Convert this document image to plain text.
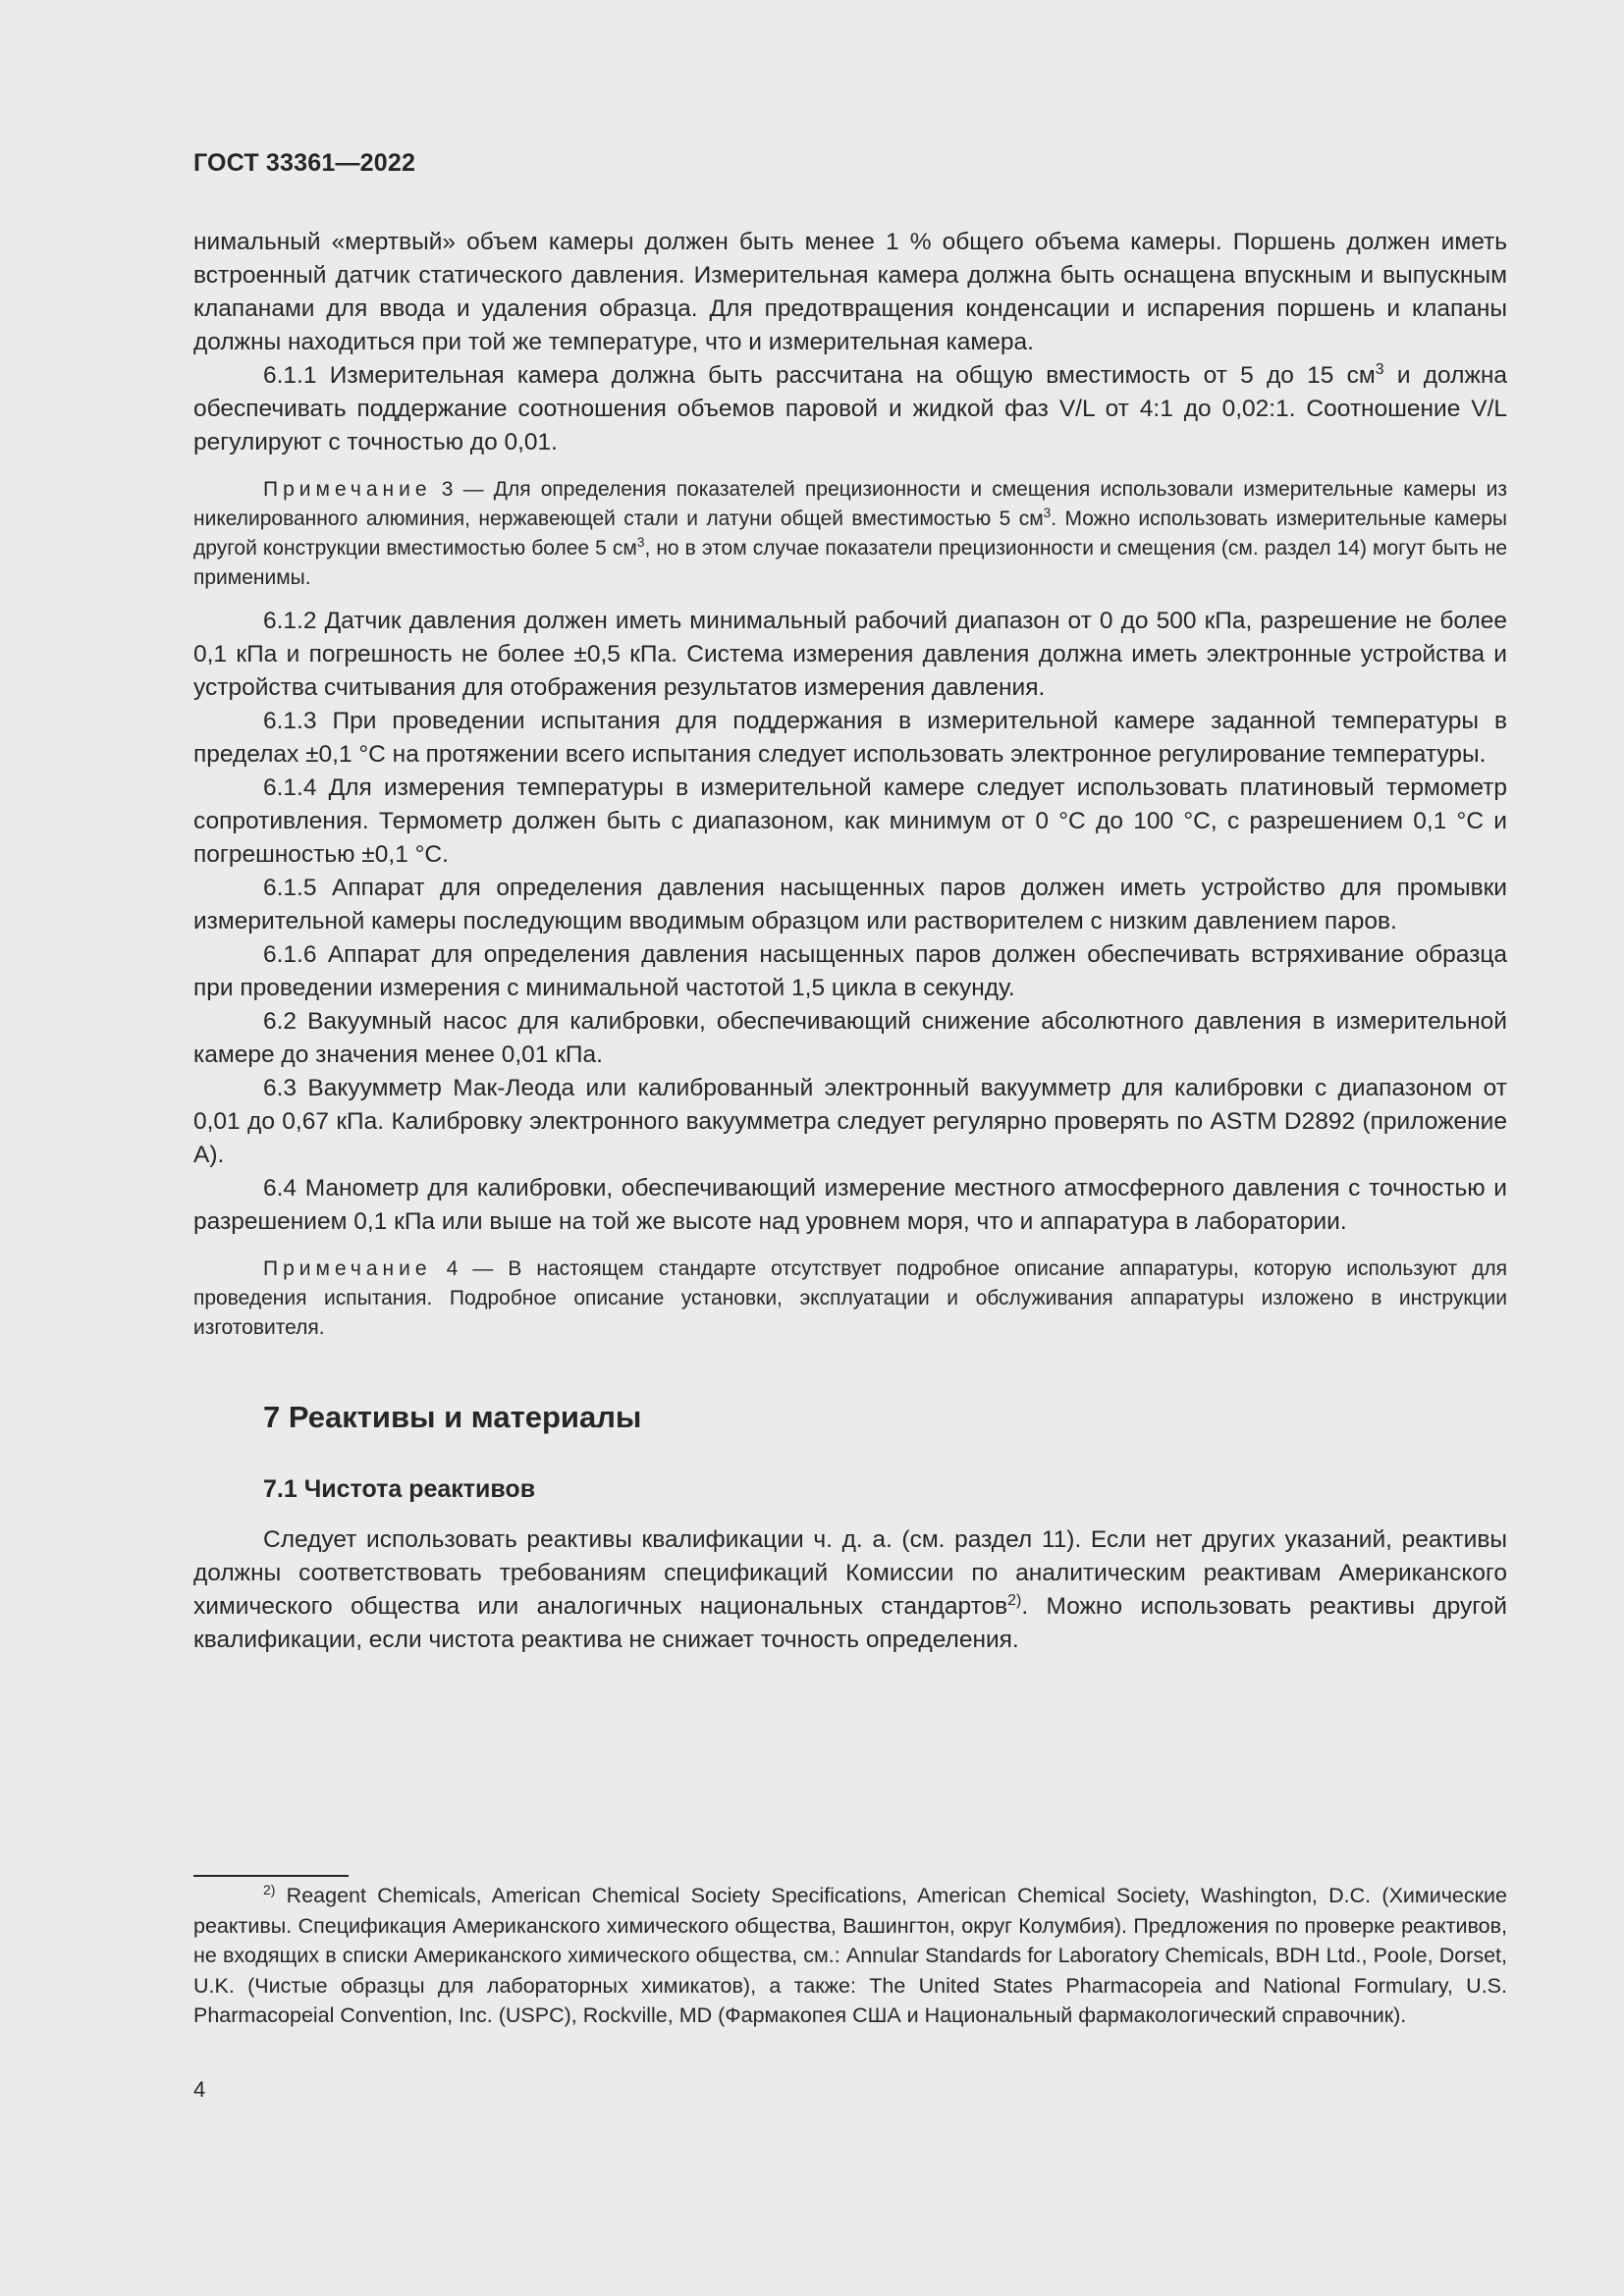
ГОСТ 33361—2022

нимальный «мертвый» объем камеры должен быть менее 1 % общего объема камеры. Поршень должен иметь встроенный датчик статического давления. Измерительная камера должна быть оснащена впускным и выпускным клапанами для ввода и удаления образца. Для предотвращения конденсации и испарения поршень и клапаны должны находиться при той же температуре, что и измерительная камера.

6.1.1 Измерительная камера должна быть рассчитана на общую вместимость от 5 до 15 $см^3$ и должна обеспечивать поддержание соотношения объемов паровой и жидкой фаз V/L от 4:1 до 0,02:1. Соотношение V/L регулируют с точностью до 0,01.

Примечание 3 — Для определения показателей прецизионности и смещения использовали измерительные камеры из никелированного алюминия, нержавеющей стали и латуни общей вместимостью 5 $см^3$. Можно использовать измерительные камеры другой конструкции вместимостью более 5 $см^3$, но в этом случае показатели прецизионности и смещения (см. раздел 14) могут быть не применимы.

6.1.2 Датчик давления должен иметь минимальный рабочий диапазон от 0 до 500 кПа, разрешение не более 0,1 кПа и погрешность не более ±0,5 кПа. Система измерения давления должна иметь электронные устройства и устройства считывания для отображения результатов измерения давления.

6.1.3 При проведении испытания для поддержания в измерительной камере заданной температуры в пределах ±0,1 °С на протяжении всего испытания следует использовать электронное регулирование температуры.

6.1.4 Для измерения температуры в измерительной камере следует использовать платиновый термометр сопротивления. Термометр должен быть с диапазоном, как минимум от 0 °С до 100 °С, с разрешением 0,1 °С и погрешностью ±0,1 °С.

6.1.5 Аппарат для определения давления насыщенных паров должен иметь устройство для промывки измерительной камеры последующим вводимым образцом или растворителем с низким давлением паров.

6.1.6 Аппарат для определения давления насыщенных паров должен обеспечивать встряхивание образца при проведении измерения с минимальной частотой 1,5 цикла в секунду.

6.2 Вакуумный насос для калибровки, обеспечивающий снижение абсолютного давления в измерительной камере до значения менее 0,01 кПа.

6.3 Вакуумметр Мак-Леода или калиброванный электронный вакуумметр для калибровки с диапазоном от 0,01 до 0,67 кПа. Калибровку электронного вакуумметра следует регулярно проверять по ASTM D2892 (приложение А).

6.4 Манометр для калибровки, обеспечивающий измерение местного атмосферного давления с точностью и разрешением 0,1 кПа или выше на той же высоте над уровнем моря, что и аппаратура в лаборатории.

Примечание 4 — В настоящем стандарте отсутствует подробное описание аппаратуры, которую используют для проведения испытания. Подробное описание установки, эксплуатации и обслуживания аппаратуры изложено в инструкции изготовителя.

7 Реактивы и материалы
7.1 Чистота реактивов

Следует использовать реактивы квалификации ч. д. а. (см. раздел 11). Если нет других указаний, реактивы должны соответствовать требованиям спецификаций Комиссии по аналитическим реактивам Американского химического общества или аналогичных национальных стандартов$^{2)}$. Можно использовать реактивы другой квалификации, если чистота реактива не снижает точность определения.

$^{2)}$ Reagent Chemicals, American Chemical Society Specifications, American Chemical Society, Washington, D.C. (Химические реактивы. Спецификация Американского химического общества, Вашингтон, округ Колумбия). Предложения по проверке реактивов, не входящих в списки Американского химического общества, см.: Annular Standards for Laboratory Chemicals, BDH Ltd., Poole, Dorset, U.K. (Чистые образцы для лабораторных химикатов), а также: The United States Pharmacopeia and National Formulary, U.S. Pharmacopeial Convention, Inc. (USPC), Rockville, MD (Фармакопея США и Национальный фармакологический справочник).

4
